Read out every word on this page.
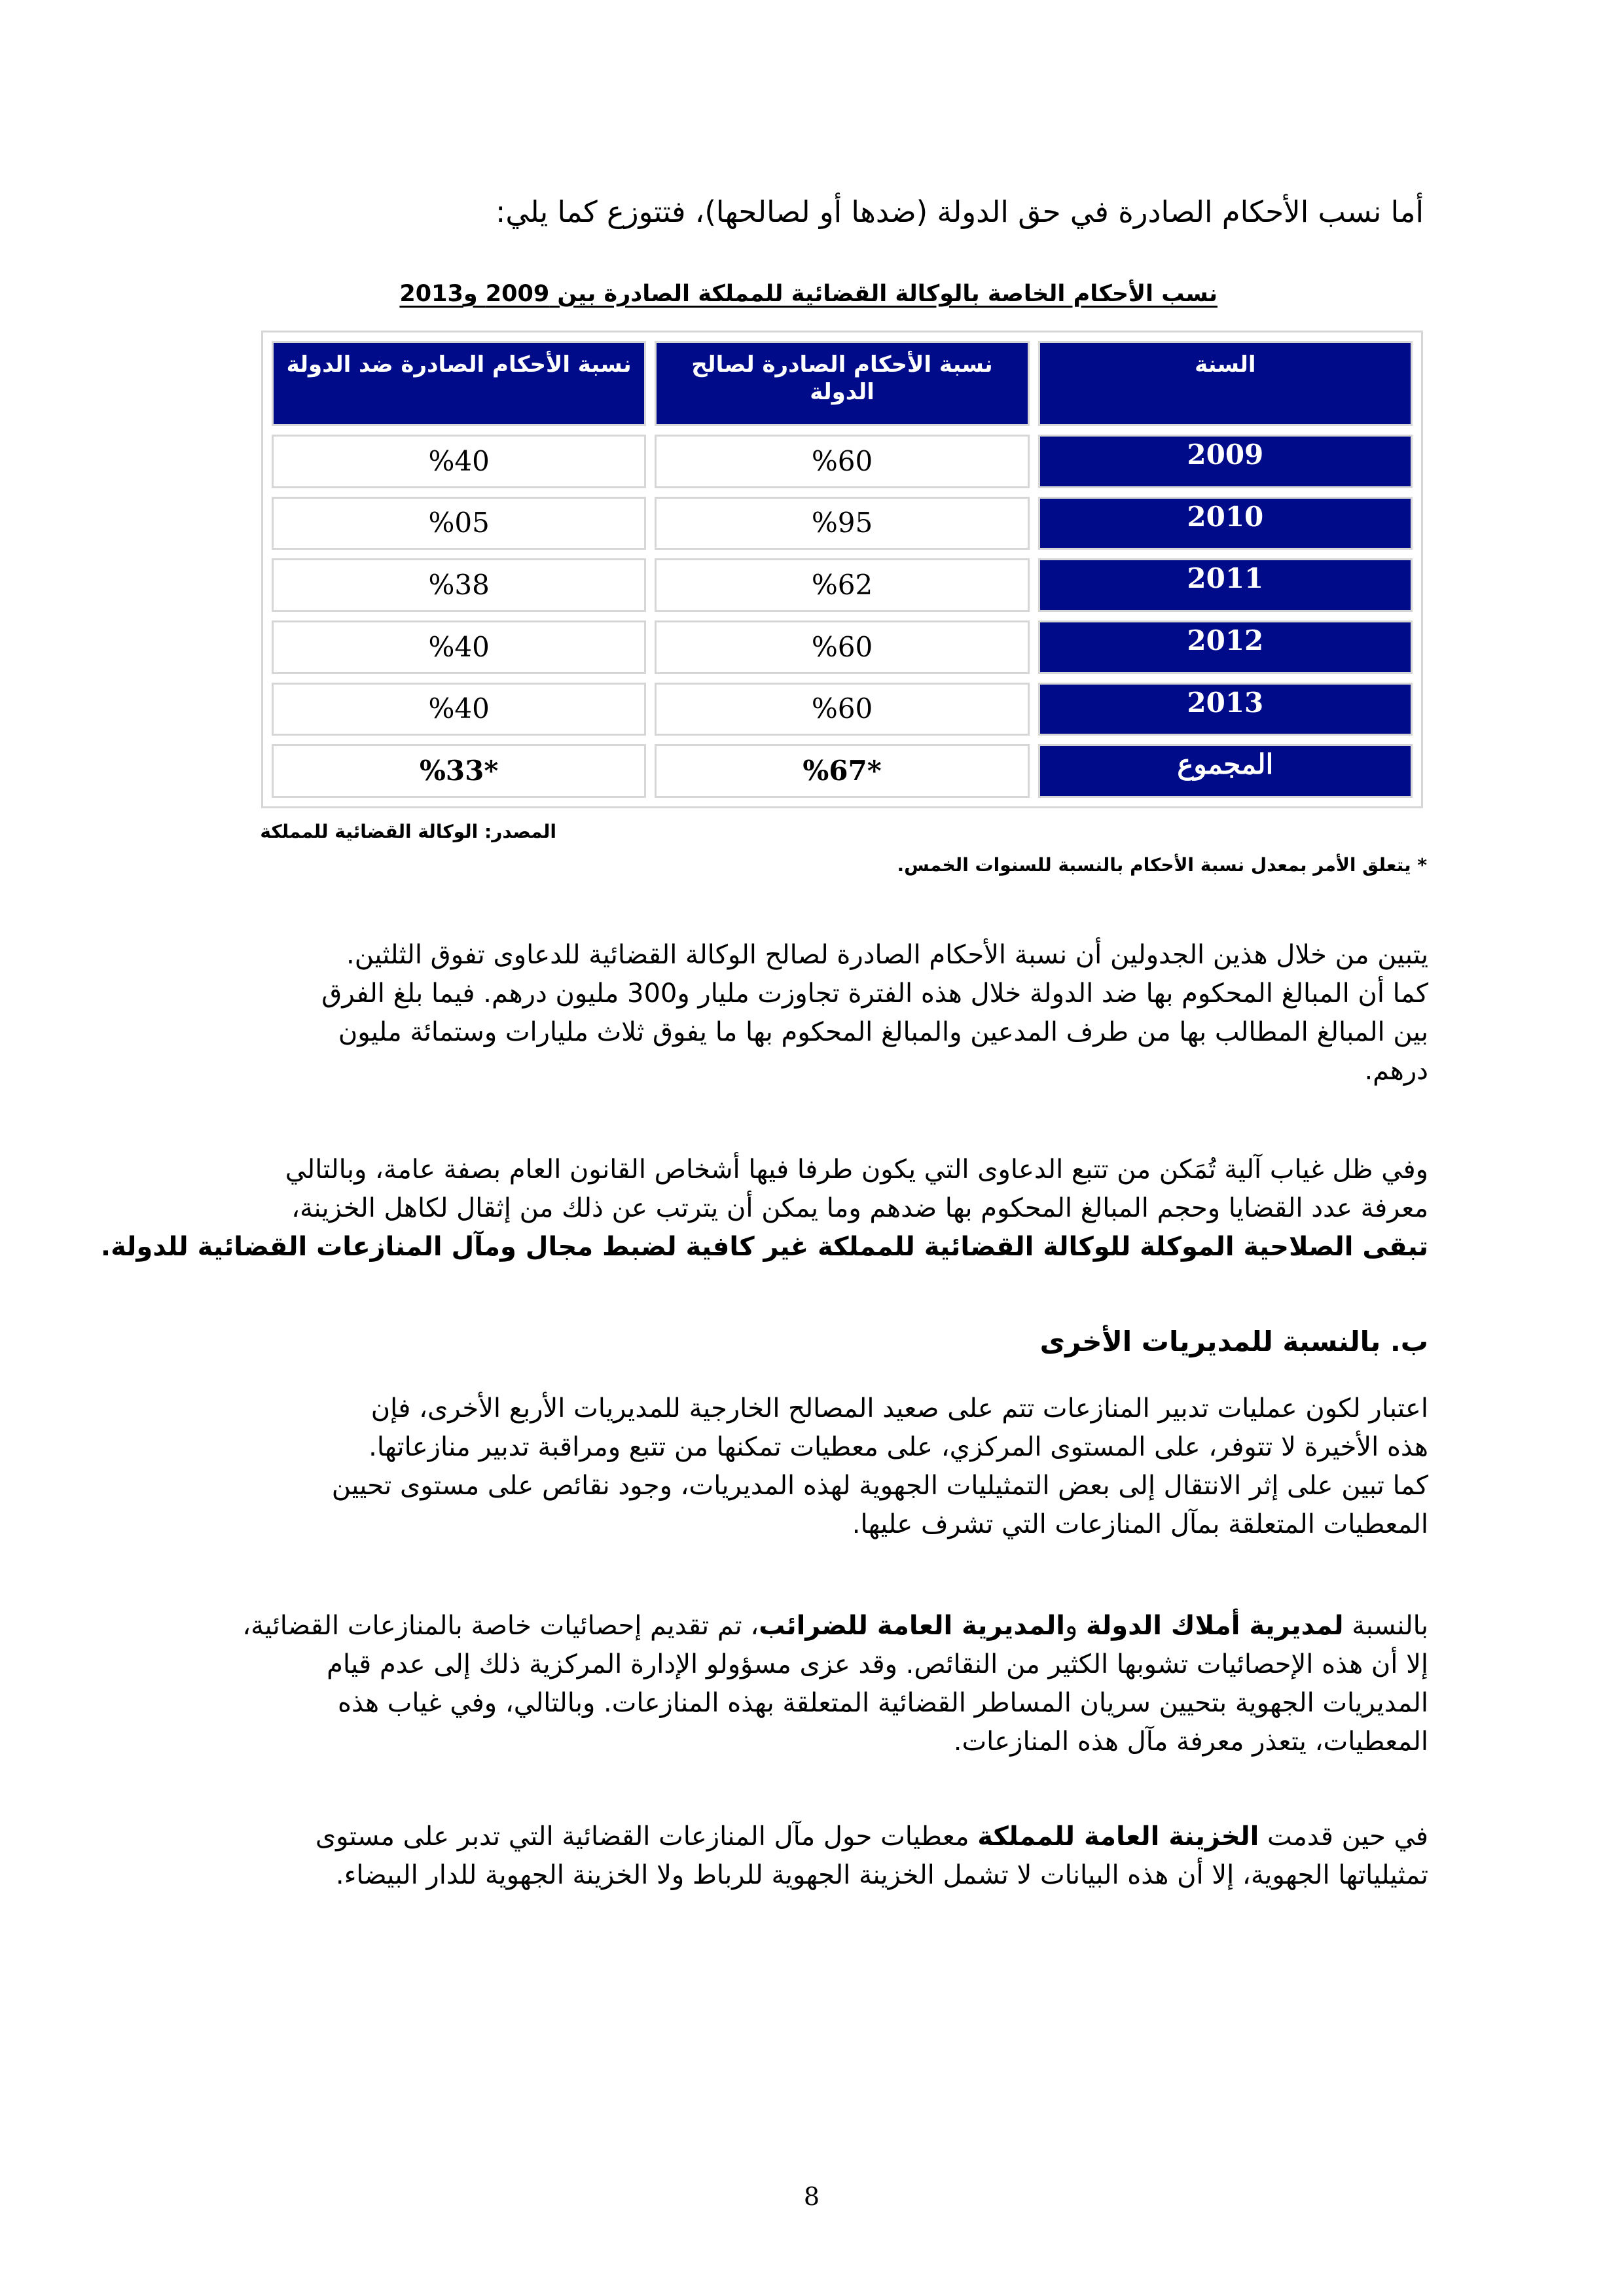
أما نسب الأحكام الصادرة في حق الدولة (ضدها أو لصالحها)، فتتوزع كما يلي:
نسب الأحكام الخاصة بالوكالة القضائية للمملكة الصادرة بين 2009 و2013
السنة	نسبة الأحكام الصادرة لصالح الدولة	نسبة الأحكام الصادرة ضد الدولة
2009	%60	%40
2010	%95	%05
2011	%62	%38
2012	%60	%40
2013	%60	%40
المجموع	*%67	*%33
المصدر: الوكالة القضائية للمملكة
* يتعلق الأمر بمعدل نسبة الأحكام بالنسبة للسنوات الخمس.
يتبين من خلال هذين الجدولين أن نسبة الأحكام الصادرة لصالح الوكالة القضائية للدعاوى تفوق الثلثين.
كما أن المبالغ المحكوم بها ضد الدولة خلال هذه الفترة تجاوزت مليار و300 مليون درهم. فيما بلغ الفرق
بين المبالغ المطالب بها من طرف المدعين والمبالغ المحكوم بها ما يفوق ثلاث مليارات وستمائة مليون
درهم.
وفي ظل غياب آلية تُمَكن من تتبع الدعاوى التي يكون طرفا فيها أشخاص القانون العام بصفة عامة، وبالتالي
معرفة عدد القضايا وحجم المبالغ المحكوم بها ضدهم وما يمكن أن يترتب عن ذلك من إثقال لكاهل الخزينة،
تبقى الصلاحية الموكلة للوكالة القضائية للمملكة غير كافية لضبط مجال ومآل المنازعات القضائية للدولة.
ب. بالنسبة للمديريات الأخرى
اعتبار لكون عمليات تدبير المنازعات تتم على صعيد المصالح الخارجية للمديريات الأربع الأخرى، فإن
هذه الأخيرة لا تتوفر، على المستوى المركزي، على معطيات تمكنها من تتبع ومراقبة تدبير منازعاتها.
كما تبين على إثر الانتقال إلى بعض التمثيليات الجهوية لهذه المديريات، وجود نقائص على مستوى تحيين
المعطيات المتعلقة بمآل المنازعات التي تشرف عليها.
بالنسبة لمديرية أملاك الدولة والمديرية العامة للضرائب، تم تقديم إحصائيات خاصة بالمنازعات القضائية،
إلا أن هذه الإحصائيات تشوبها الكثير من النقائص. وقد عزى مسؤولو الإدارة المركزية ذلك إلى عدم قيام
المديريات الجهوية بتحيين سريان المساطر القضائية المتعلقة بهذه المنازعات. وبالتالي، وفي غياب هذه
المعطيات، يتعذر معرفة مآل هذه المنازعات.
في حين قدمت الخزينة العامة للمملكة معطيات حول مآل المنازعات القضائية التي تدبر على مستوى
تمثيلياتها الجهوية، إلا أن هذه البيانات لا تشمل الخزينة الجهوية للرباط ولا الخزينة الجهوية للدار البيضاء.
8
